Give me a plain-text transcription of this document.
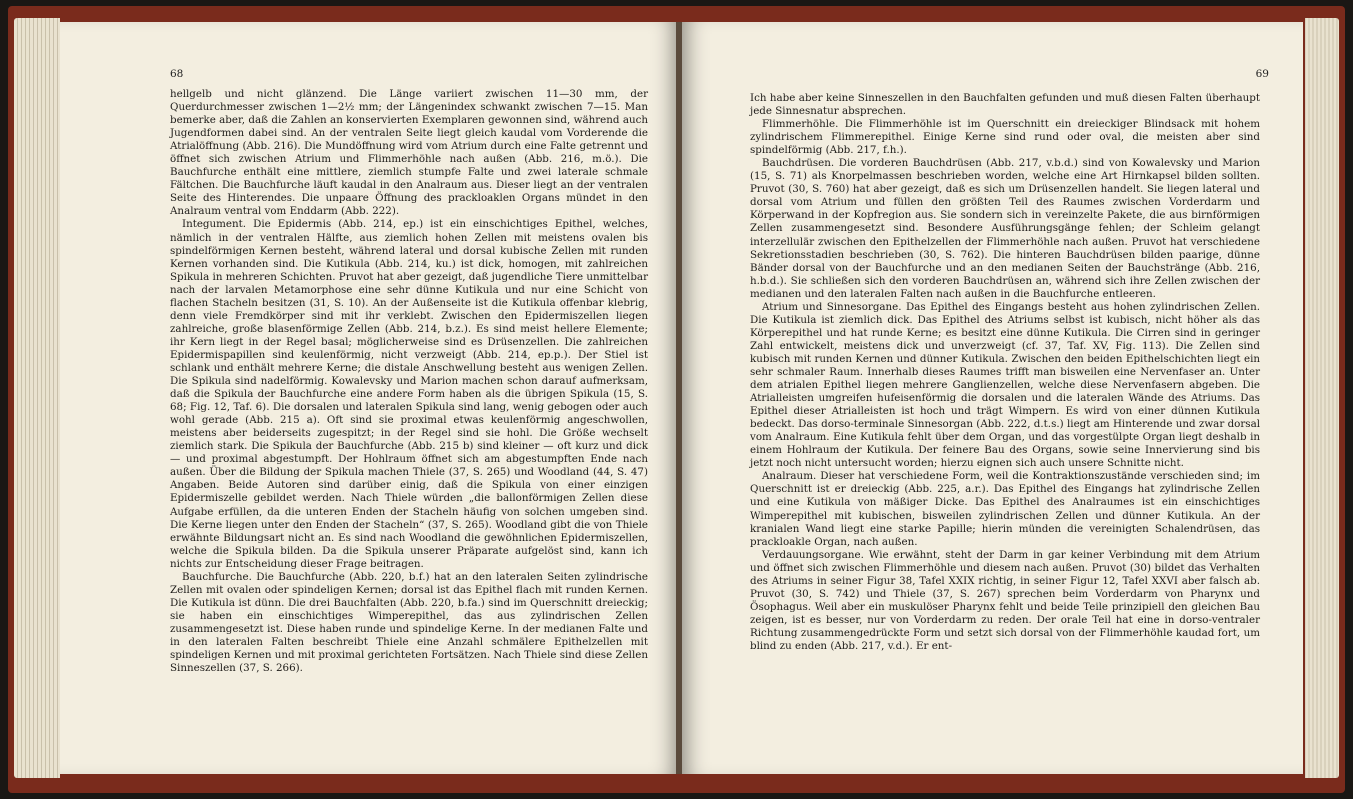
68

hellgelb und nicht glänzend. Die Länge variiert zwischen 11—30 mm, der Querdurchmesser zwischen 1—2½ mm; der Längenindex schwankt zwischen 7—15. Man bemerke aber, daß die Zahlen an konservierten Exemplaren gewonnen sind, während auch Jugendformen dabei sind. An der ventralen Seite liegt gleich kaudal vom Vorderende die Atrialöffnung (Abb. 216). Die Mundöffnung wird vom Atrium durch eine Falte getrennt und öffnet sich zwischen Atrium und Flimmerhöhle nach außen (Abb. 216, m.ö.). Die Bauchfurche enthält eine mittlere, ziemlich stumpfe Falte und zwei laterale schmale Fältchen. Die Bauchfurche läuft kaudal in den Analraum aus. Dieser liegt an der ventralen Seite des Hinterendes. Die unpaare Öffnung des prackloaklen Organs mündet in den Analraum ventral vom Enddarm (Abb. 222).

Integument. Die Epidermis (Abb. 214, ep.) ist ein einschichtiges Epithel, welches, nämlich in der ventralen Hälfte, aus ziemlich hohen Zellen mit meistens ovalen bis spindelförmigen Kernen besteht, während lateral und dorsal kubische Zellen mit runden Kernen vorhanden sind. Die Kutikula (Abb. 214, ku.) ist dick, homogen, mit zahlreichen Spikula in mehreren Schichten. Pruvot hat aber gezeigt, daß jugendliche Tiere unmittelbar nach der larvalen Metamorphose eine sehr dünne Kutikula und nur eine Schicht von flachen Stacheln besitzen (31, S. 10). An der Außenseite ist die Kutikula offenbar klebrig, denn viele Fremdkörper sind mit ihr verklebt. Zwischen den Epidermiszellen liegen zahlreiche, große blasenförmige Zellen (Abb. 214, b.z.). Es sind meist hellere Elemente; ihr Kern liegt in der Regel basal; möglicherweise sind es Drüsenzellen. Die zahlreichen Epidermispapillen sind keulenförmig, nicht verzweigt (Abb. 214, ep.p.). Der Stiel ist schlank und enthält mehrere Kerne; die distale Anschwellung besteht aus wenigen Zellen. Die Spikula sind nadelförmig. Kowalevsky und Marion machen schon darauf aufmerksam, daß die Spikula der Bauchfurche eine andere Form haben als die übrigen Spikula (15, S. 68; Fig. 12, Taf. 6). Die dorsalen und lateralen Spikula sind lang, wenig gebogen oder auch wohl gerade (Abb. 215 a). Oft sind sie proximal etwas keulenförmig angeschwollen, meistens aber beiderseits zugespitzt; in der Regel sind sie hohl. Die Größe wechselt ziemlich stark. Die Spikula der Bauchfurche (Abb. 215 b) sind kleiner — oft kurz und dick — und proximal abgestumpft. Der Hohlraum öffnet sich am abgestumpften Ende nach außen. Über die Bildung der Spikula machen Thiele (37, S. 265) und Woodland (44, S. 47) Angaben. Beide Autoren sind darüber einig, daß die Spikula von einer einzigen Epidermiszelle gebildet werden. Nach Thiele würden „die ballonförmigen Zellen diese Aufgabe erfüllen, da die unteren Enden der Stacheln häufig von solchen umgeben sind. Die Kerne liegen unter den Enden der Stacheln“ (37, S. 265). Woodland gibt die von Thiele erwähnte Bildungsart nicht an. Es sind nach Woodland die gewöhnlichen Epidermiszellen, welche die Spikula bilden. Da die Spikula unserer Präparate aufgelöst sind, kann ich nichts zur Entscheidung dieser Frage beitragen.

Bauchfurche. Die Bauchfurche (Abb. 220, b.f.) hat an den lateralen Seiten zylindrische Zellen mit ovalen oder spindeligen Kernen; dorsal ist das Epithel flach mit runden Kernen. Die Kutikula ist dünn. Die drei Bauchfalten (Abb. 220, b.fa.) sind im Querschnitt dreieckig; sie haben ein einschichtiges Wimperepithel, das aus zylindrischen Zellen zusammengesetzt ist. Diese haben runde und spindelige Kerne. In der medianen Falte und in den lateralen Falten beschreibt Thiele eine Anzahl schmälere Epithelzellen mit spindeligen Kernen und mit proximal gerichteten Fortsätzen. Nach Thiele sind diese Zellen Sinneszellen (37, S. 266).

69

Ich habe aber keine Sinneszellen in den Bauchfalten gefunden und muß diesen Falten überhaupt jede Sinnesnatur absprechen.

Flimmerhöhle. Die Flimmerhöhle ist im Querschnitt ein dreieckiger Blindsack mit hohem zylindrischem Flimmerepithel. Einige Kerne sind rund oder oval, die meisten aber sind spindelförmig (Abb. 217, f.h.).

Bauchdrüsen. Die vorderen Bauchdrüsen (Abb. 217, v.b.d.) sind von Kowalevsky und Marion (15, S. 71) als Knorpelmassen beschrieben worden, welche eine Art Hirnkapsel bilden sollten. Pruvot (30, S. 760) hat aber gezeigt, daß es sich um Drüsenzellen handelt. Sie liegen lateral und dorsal vom Atrium und füllen den größten Teil des Raumes zwischen Vorderdarm und Körperwand in der Kopfregion aus. Sie sondern sich in vereinzelte Pakete, die aus birnförmigen Zellen zusammengesetzt sind. Besondere Ausführungsgänge fehlen; der Schleim gelangt interzellulär zwischen den Epithelzellen der Flimmerhöhle nach außen. Pruvot hat verschiedene Sekretionsstadien beschrieben (30, S. 762). Die hinteren Bauchdrüsen bilden paarige, dünne Bänder dorsal von der Bauchfurche und an den medianen Seiten der Bauchstränge (Abb. 216, h.b.d.). Sie schließen sich den vorderen Bauchdrüsen an, während sich ihre Zellen zwischen der medianen und den lateralen Falten nach außen in die Bauchfurche entleeren.

Atrium und Sinnesorgane. Das Epithel des Eingangs besteht aus hohen zylindrischen Zellen. Die Kutikula ist ziemlich dick. Das Epithel des Atriums selbst ist kubisch, nicht höher als das Körperepithel und hat runde Kerne; es besitzt eine dünne Kutikula. Die Cirren sind in geringer Zahl entwickelt, meistens dick und unverzweigt (cf. 37, Taf. XV, Fig. 113). Die Zellen sind kubisch mit runden Kernen und dünner Kutikula. Zwischen den beiden Epithelschichten liegt ein sehr schmaler Raum. Innerhalb dieses Raumes trifft man bisweilen eine Nervenfaser an. Unter dem atrialen Epithel liegen mehrere Ganglienzellen, welche diese Nervenfasern abgeben. Die Atrialleisten umgreifen hufeisenförmig die dorsalen und die lateralen Wände des Atriums. Das Epithel dieser Atrialleisten ist hoch und trägt Wimpern. Es wird von einer dünnen Kutikula bedeckt. Das dorso-terminale Sinnesorgan (Abb. 222, d.t.s.) liegt am Hinterende und zwar dorsal vom Analraum. Eine Kutikula fehlt über dem Organ, und das vorgestülpte Organ liegt deshalb in einem Hohlraum der Kutikula. Der feinere Bau des Organs, sowie seine Innervierung sind bis jetzt noch nicht untersucht worden; hierzu eignen sich auch unsere Schnitte nicht.

Analraum. Dieser hat verschiedene Form, weil die Kontraktionszustände verschieden sind; im Querschnitt ist er dreieckig (Abb. 225, a.r.). Das Epithel des Eingangs hat zylindrische Zellen und eine Kutikula von mäßiger Dicke. Das Epithel des Analraumes ist ein einschichtiges Wimperepithel mit kubischen, bisweilen zylindrischen Zellen und dünner Kutikula. An der kranialen Wand liegt eine starke Papille; hierin münden die vereinigten Schalendrüsen, das prackloakle Organ, nach außen.

Verdauungsorgane. Wie erwähnt, steht der Darm in gar keiner Verbindung mit dem Atrium und öffnet sich zwischen Flimmerhöhle und diesem nach außen. Pruvot (30) bildet das Verhalten des Atriums in seiner Figur 38, Tafel XXIX richtig, in seiner Figur 12, Tafel XXVI aber falsch ab. Pruvot (30, S. 742) und Thiele (37, S. 267) sprechen beim Vorderdarm von Pharynx und Ösophagus. Weil aber ein muskulöser Pharynx fehlt und beide Teile prinzipiell den gleichen Bau zeigen, ist es besser, nur von Vorderdarm zu reden. Der orale Teil hat eine in dorso-ventraler Richtung zusammengedrückte Form und setzt sich dorsal von der Flimmerhöhle kaudad fort, um blind zu enden (Abb. 217, v.d.). Er ent-
